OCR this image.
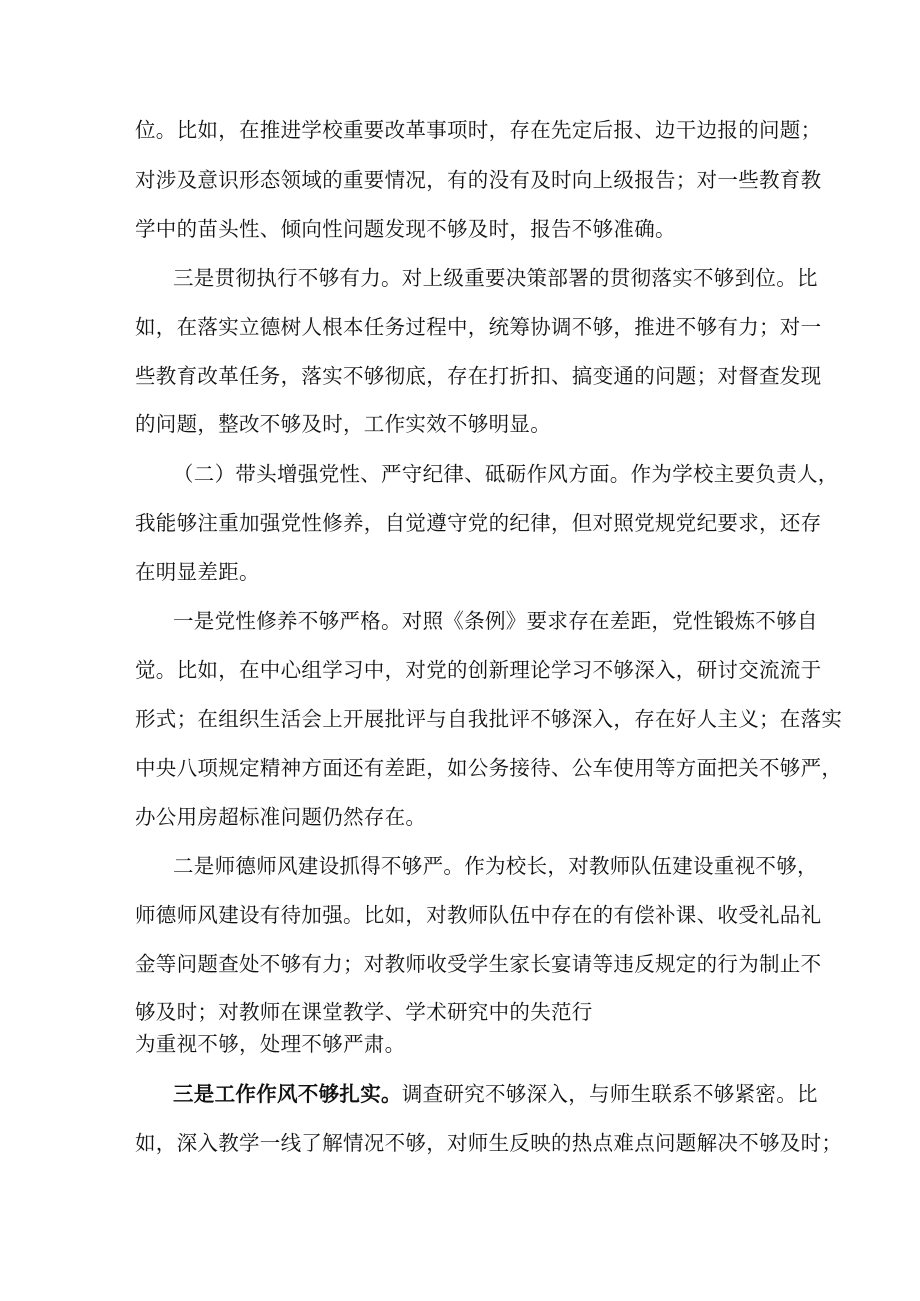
位。比如，在推进学校重要改革事项时，存在先定后报、边干边报的问题；
对涉及意识形态领域的重要情况，有的没有及时向上级报告；对一些教育教
学中的苗头性、倾向性问题发现不够及时，报告不够准确。
三是贯彻执行不够有力。对上级重要决策部署的贯彻落实不够到位。比
如，在落实立德树人根本任务过程中，统筹协调不够，推进不够有力；对一
些教育改革任务，落实不够彻底，存在打折扣、搞变通的问题；对督查发现
的问题，整改不够及时，工作实效不够明显。
（二）带头增强党性、严守纪律、砥砺作风方面。作为学校主要负责人，
我能够注重加强党性修养，自觉遵守党的纪律，但对照党规党纪要求，还存
在明显差距。
一是党性修养不够严格。对照《条例》要求存在差距，党性锻炼不够自
觉。比如，在中心组学习中，对党的创新理论学习不够深入，研讨交流流于
形式；在组织生活会上开展批评与自我批评不够深入，存在好人主义；在落实
中央八项规定精神方面还有差距，如公务接待、公车使用等方面把关不够严，
办公用房超标准问题仍然存在。
二是师德师风建设抓得不够严。作为校长，对教师队伍建设重视不够，
师德师风建设有待加强。比如，对教师队伍中存在的有偿补课、收受礼品礼
金等问题查处不够有力；对教师收受学生家长宴请等违反规定的行为制止不
够及时；对教师在课堂教学、学术研究中的失范行
为重视不够，处理不够严肃。
三是工作作风不够扎实。调查研究不够深入，与师生联系不够紧密。比
如，深入教学一线了解情况不够，对师生反映的热点难点问题解决不够及时；
